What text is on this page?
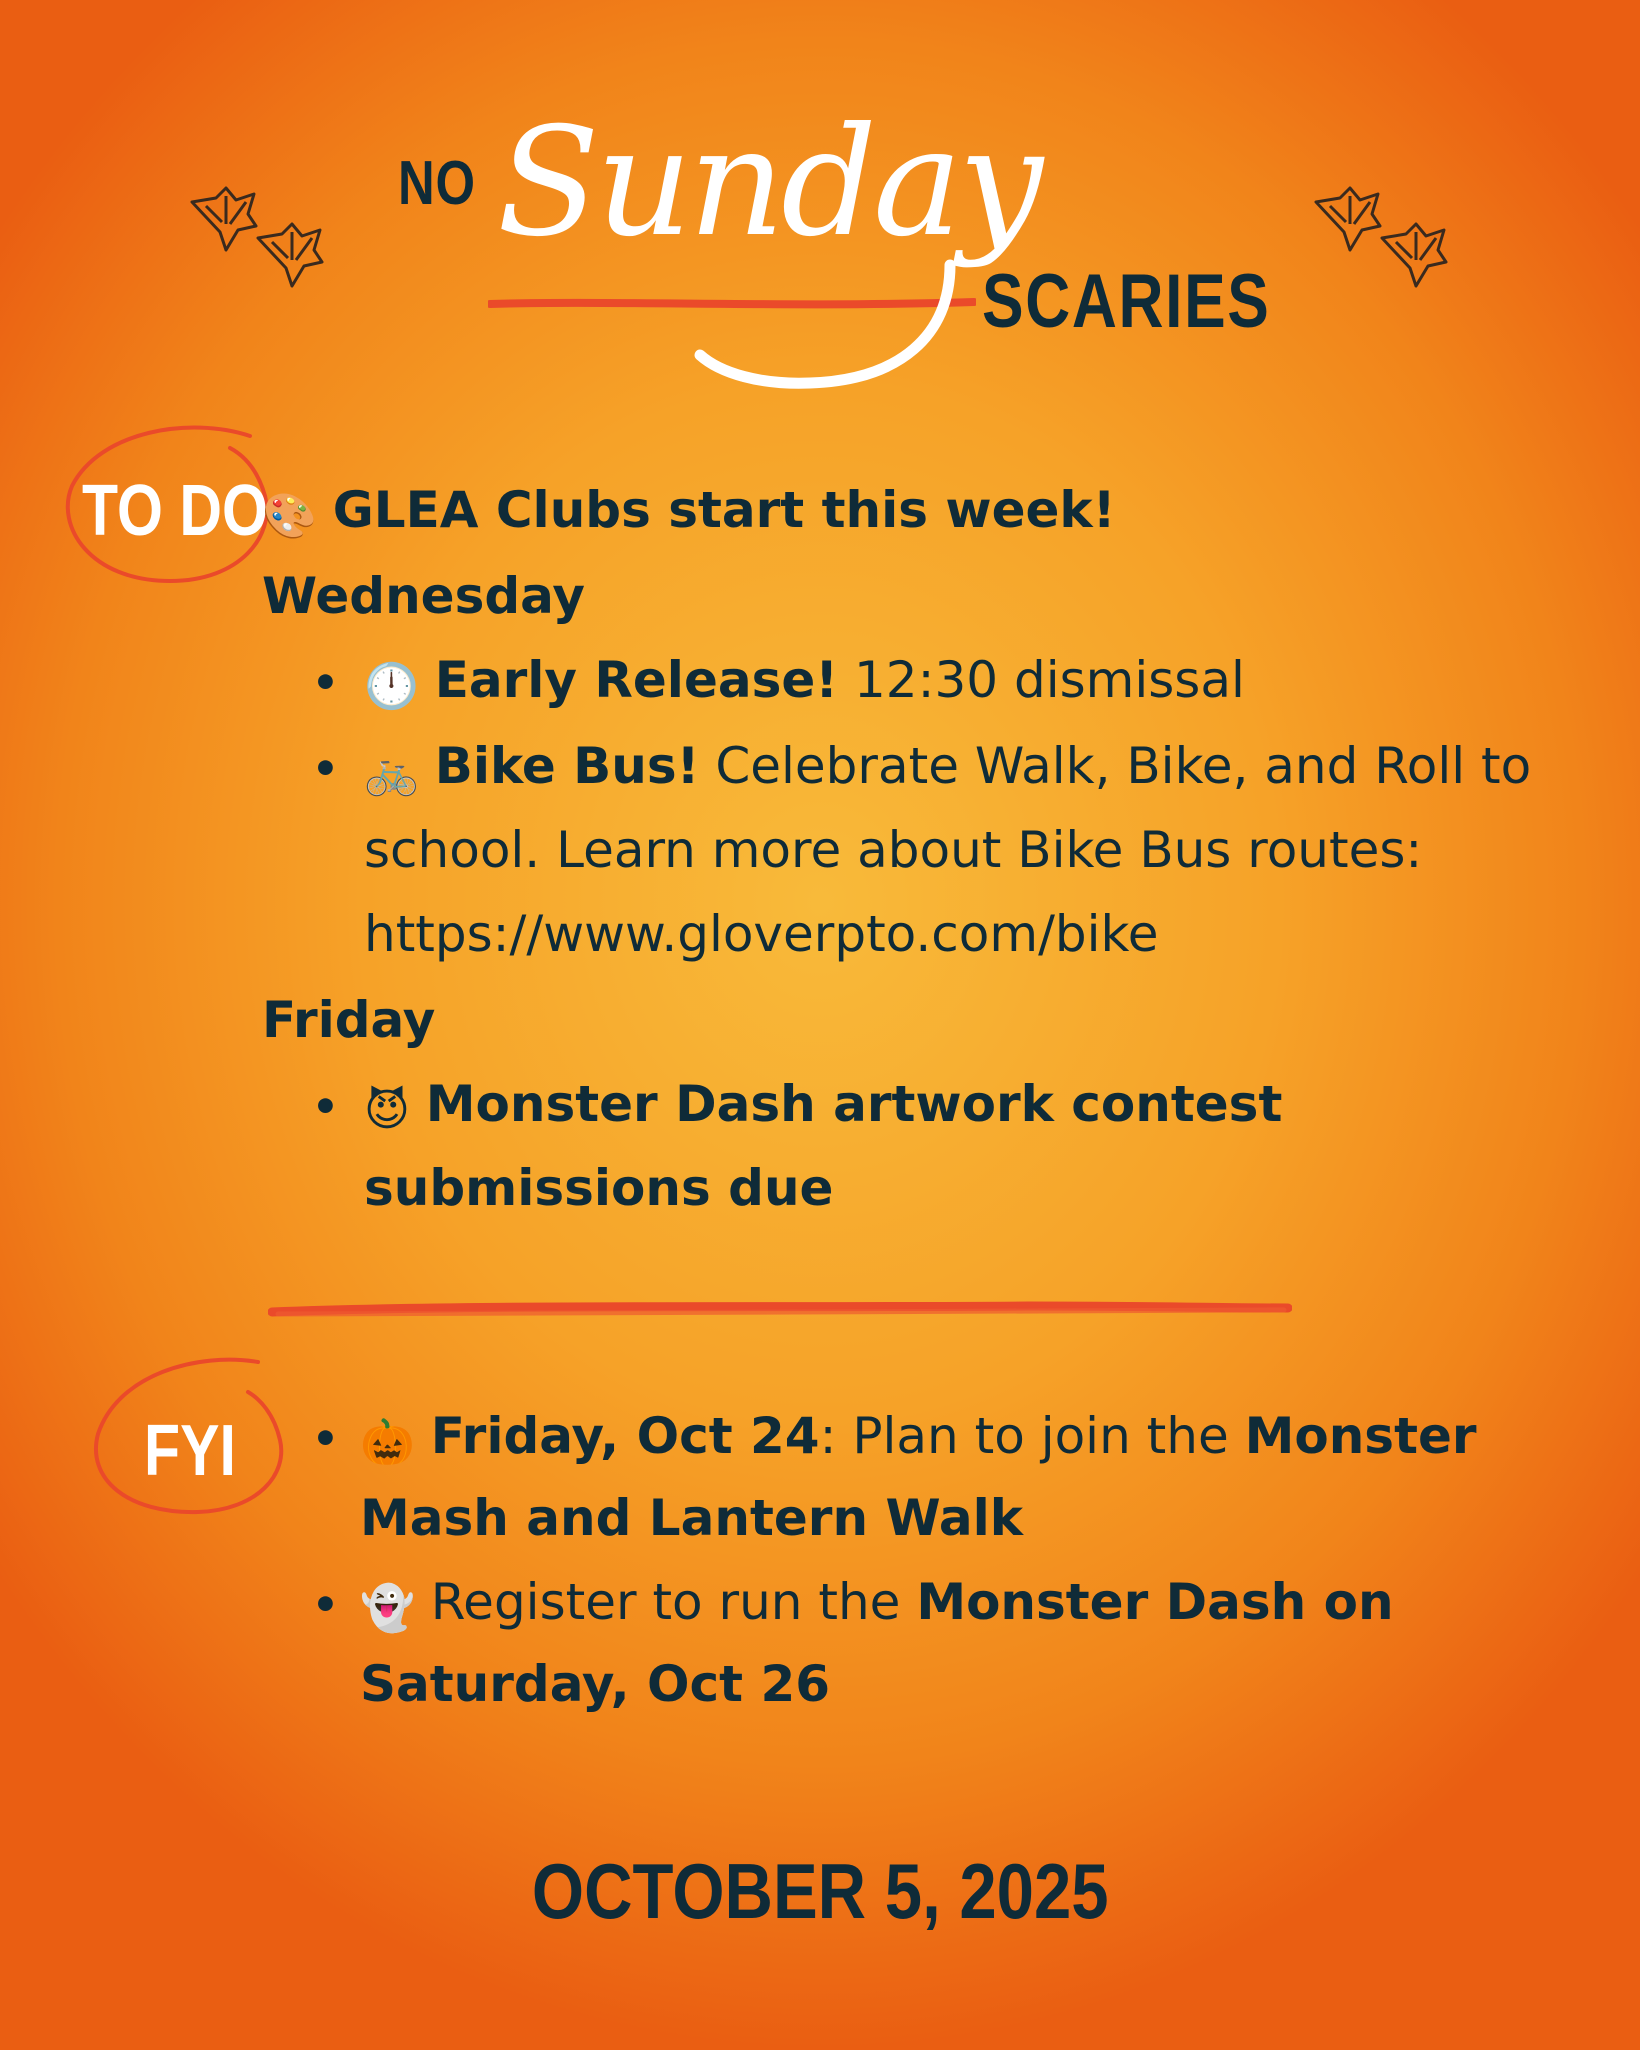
NO Sunday
SCARIES
TO DO
🎨 GLEA Clubs start this week!
Wednesday
• 🕛 Early Release! 12:30 dismissal
• 🚲 Bike Bus! Celebrate Walk, Bike, and Roll to
school. Learn more about Bike Bus routes:
https://www.gloverpto.com/bike
Friday
• 😈 Monster Dash artwork contest
submissions due
FYI • 🎃 Friday, Oct 24: Plan to join the Monster
Mash and Lantern Walk
• 👻 Register to run the Monster Dash on
Saturday, Oct 26
OCTOBER 5, 2025
